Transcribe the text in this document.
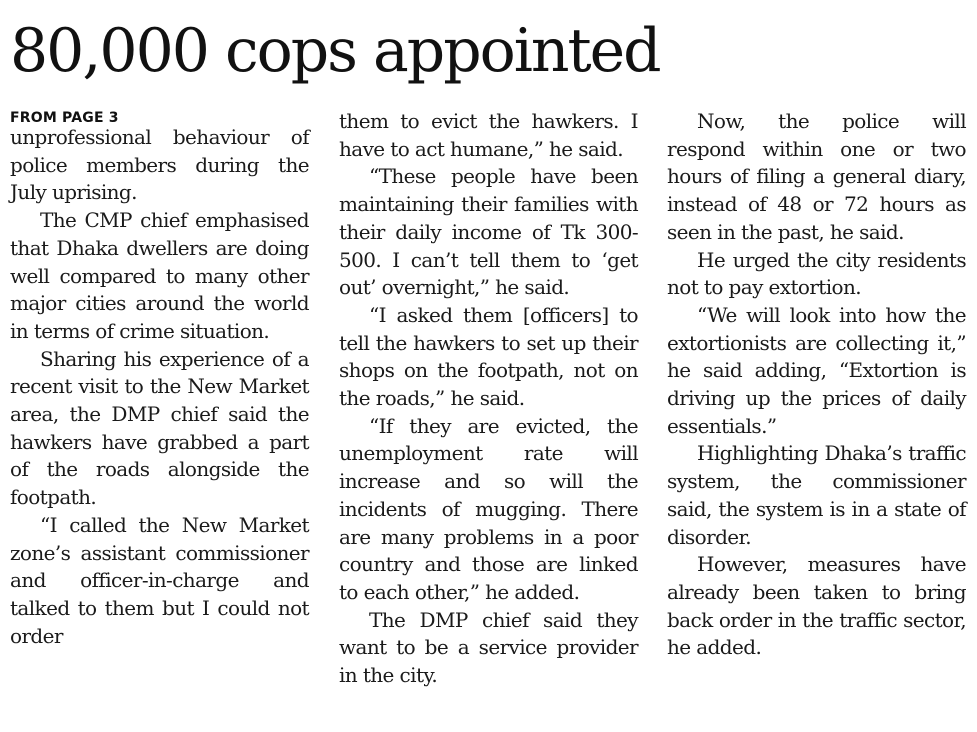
80,000 cops appointed
FROM PAGE 3

unprofessional behaviour of police members during the July uprising.

The CMP chief emphasised that Dhaka dwellers are doing well compared to many other major cities around the world in terms of crime situation.

Sharing his experience of a recent visit to the New Market area, the DMP chief said the hawkers have grabbed a part of the roads alongside the footpath.

“I called the New Market zone’s assistant commissioner and officer-in-charge and talked to them but I could not order

them to evict the hawkers. I have to act humane,” he said.

“These people have been maintaining their families with their daily income of Tk 300-500. I can’t tell them to ‘get out’ overnight,” he said.

“I asked them [officers] to tell the hawkers to set up their shops on the footpath, not on the roads,” he said.

“If they are evicted, the unemployment rate will increase and so will the incidents of mugging. There are many problems in a poor country and those are linked to each other,” he added.

The DMP chief said they want to be a service provider in the city.

Now, the police will respond within one or two hours of filing a general diary, instead of 48 or 72 hours as seen in the past, he said.

He urged the city residents not to pay extortion.

“We will look into how the extortionists are collecting it,” he said adding, “Extortion is driving up the prices of daily essentials.”

Highlighting Dhaka’s traffic system, the commissioner said, the system is in a state of disorder.

However, measures have already been taken to bring back order in the traffic sector, he added.
